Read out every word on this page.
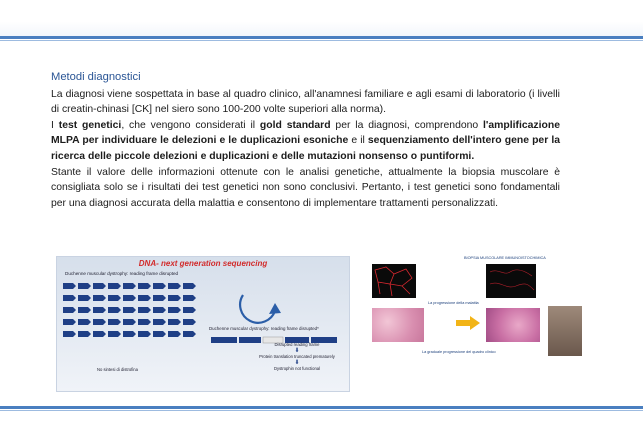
Metodi diagnostici

La diagnosi viene sospettata in base al quadro clinico, all'anamnesi familiare e agli esami di laboratorio (i livelli di creatin-chinasi [CK] nel siero sono 100-200 volte superiori alla norma).

I test genetici, che vengono considerati il gold standard per la diagnosi, comprendono l'amplificazione MLPA per individuare le delezioni e le duplicazioni esoniche e il sequenziamento dell'intero gene per la ricerca delle piccole delezioni e duplicazioni e delle mutazioni nonsenso o puntiformi.

Stante il valore delle informazioni ottenute con le analisi genetiche, attualmente la biopsia muscolare è consigliata solo se i risultati dei test genetici non sono conclusivi. Pertanto, i test genetici sono fondamentali per una diagnosi accurata della malattia e consentono di implementare trattamenti personalizzati.

DNA- next generation sequencing
Duchenne muscular dystrophy: reading frame disrupted
Duchenne muscular dystrophy: reading frame disrupted*
Disrupted reading frame
⬇
Protein translation truncated prematurely
⬇
Dystrophin not functional
No sintesi di distrofina
BIOPSIA MUSCOLARE IMMUNOISTOCHIMICA
La progressione della malattia
La graduale progressione del quadro clinico
